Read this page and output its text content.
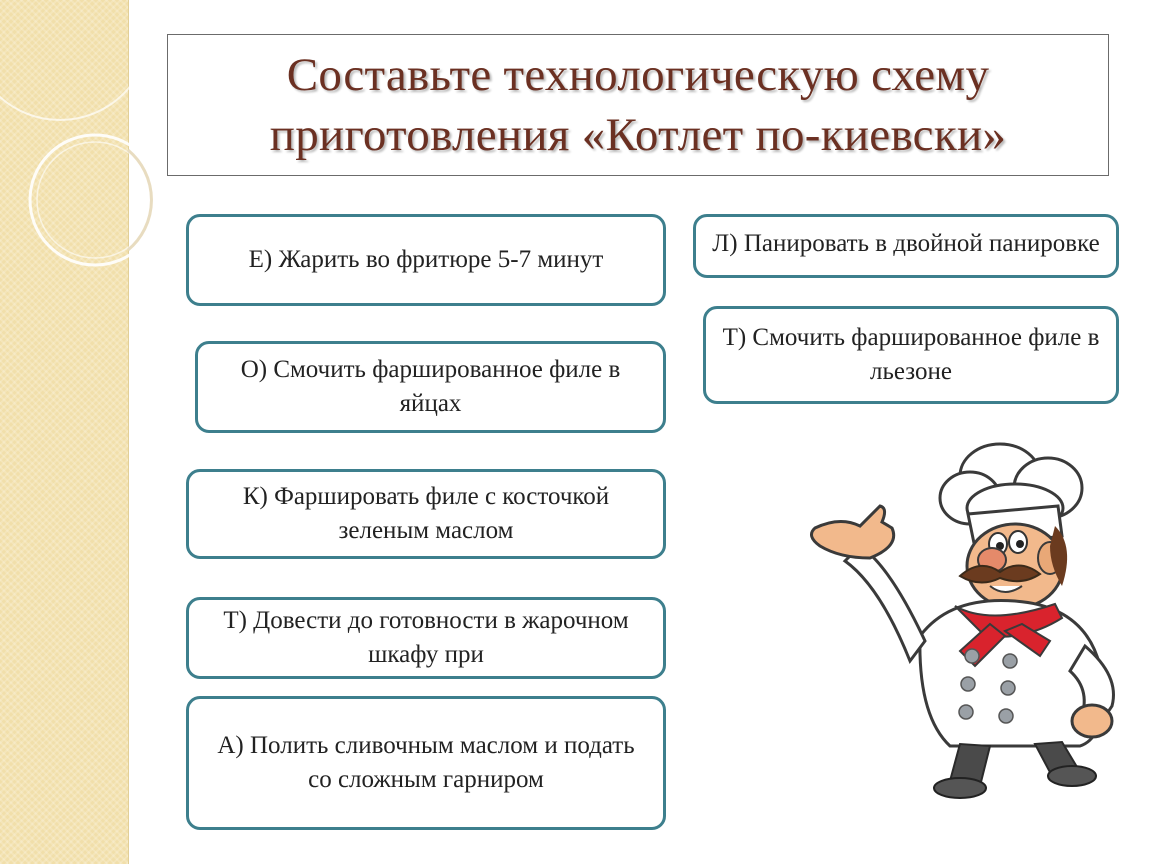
Составьте технологическую схему
приготовления «Котлет по-киевски»
Е) Жарить во фритюре 5-7 минут
О) Смочить фаршированное филе в яйцах
К) Фаршировать филе с косточкой зеленым маслом
Т) Довести до готовности в жарочном шкафу при
А) Полить сливочным маслом и подать со сложным гарниром
Л) Панировать в двойной панировке
Т) Смочить фаршированное филе в льезоне
